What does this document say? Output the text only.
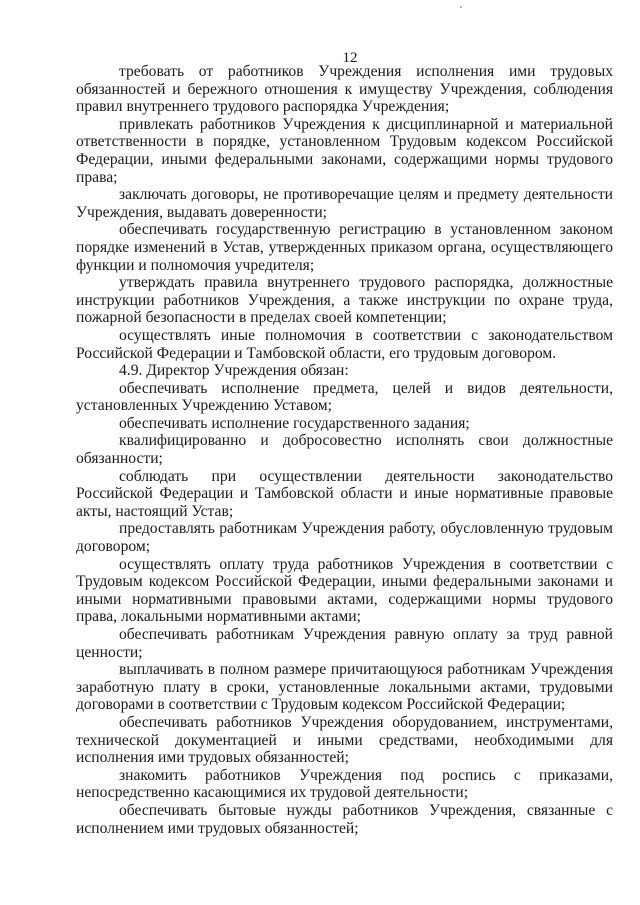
12

требовать от работников Учреждения исполнения ими трудовых обязанностей и бережного отношения к имуществу Учреждения, соблюдения правил внутреннего трудового распорядка Учреждения;

привлекать работников Учреждения к дисциплинарной и материальной ответственности в порядке, установленном Трудовым кодексом Российской Федерации, иными федеральными законами, содержащими нормы трудового права;

заключать договоры, не противоречащие целям и предмету деятельности Учреждения, выдавать доверенности;

обеспечивать государственную регистрацию в установленном законом порядке изменений в Устав, утвержденных приказом органа, осуществляющего функции и полномочия учредителя;

утверждать правила внутреннего трудового распорядка, должностные инструкции работников Учреждения, а также инструкции по охране труда, пожарной безопасности в пределах своей компетенции;

осуществлять иные полномочия в соответствии с законодательством Российской Федерации и Тамбовской области, его трудовым договором.

4.9. Директор Учреждения обязан:

обеспечивать исполнение предмета, целей и видов деятельности, установленных Учреждению Уставом;

обеспечивать исполнение государственного задания;

квалифицированно и добросовестно исполнять свои должностные обязанности;

соблюдать при осуществлении деятельности законодательство Российской Федерации и Тамбовской области и иные нормативные правовые акты, настоящий Устав;

предоставлять работникам Учреждения работу, обусловленную трудовым договором;

осуществлять оплату труда работников Учреждения в соответствии с Трудовым кодексом Российской Федерации, иными федеральными законами и иными нормативными правовыми актами, содержащими нормы трудового права, локальными нормативными актами;

обеспечивать работникам Учреждения равную оплату за труд равной ценности;

выплачивать в полном размере причитающуюся работникам Учреждения заработную плату в сроки, установленные локальными актами, трудовыми договорами в соответствии с Трудовым кодексом Российской Федерации;

обеспечивать работников Учреждения оборудованием, инструментами, технической документацией и иными средствами, необходимыми для исполнения ими трудовых обязанностей;

знакомить работников Учреждения под роспись с приказами, непосредственно касающимися их трудовой деятельности;

обеспечивать бытовые нужды работников Учреждения, связанные с исполнением ими трудовых обязанностей;
